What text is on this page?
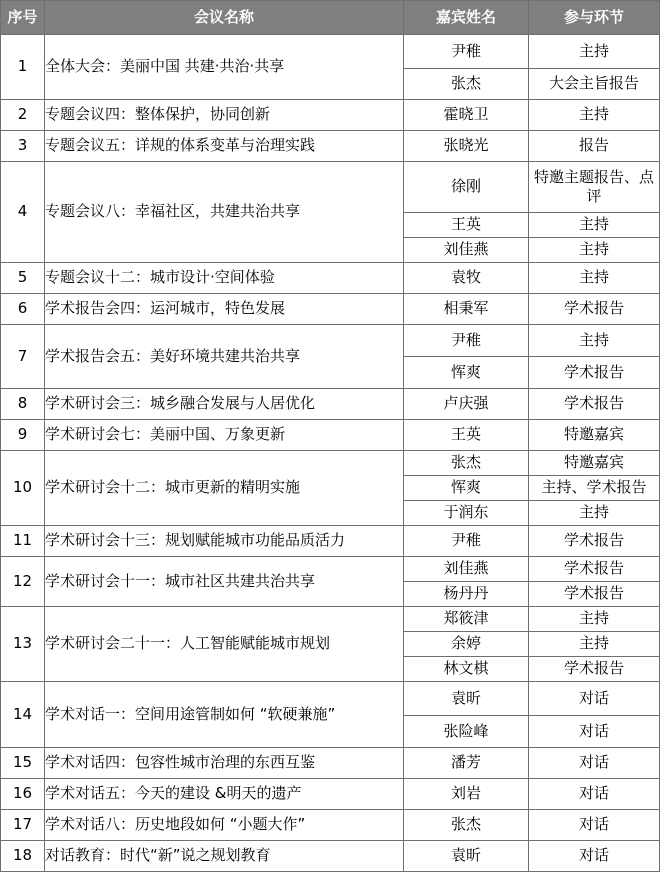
序号	会议名称	嘉宾姓名	参与环节
1	全体大会：美丽中国 共建·共治·共享	尹稚	主持
		张杰	大会主旨报告
2	专题会议四：整体保护，协同创新	霍晓卫	主持
3	专题会议五：详规的体系变革与治理实践	张晓光	报告
4	专题会议八：幸福社区，共建共治共享	徐刚	特邀主题报告、点评
		王英	主持
		刘佳燕	主持
5	专题会议十二：城市设计·空间体验	袁牧	主持
6	学术报告会四：运河城市，特色发展	相秉军	学术报告
7	学术报告会五：美好环境共建共治共享	尹稚	主持
		恽爽	学术报告
8	学术研讨会三：城乡融合发展与人居优化	卢庆强	学术报告
9	学术研讨会七：美丽中国、万象更新	王英	特邀嘉宾
10	学术研讨会十二：城市更新的精明实施	张杰	特邀嘉宾
		恽爽	主持、学术报告
		于润东	主持
11	学术研讨会十三：规划赋能城市功能品质活力	尹稚	学术报告
12	学术研讨会十一：城市社区共建共治共享	刘佳燕	学术报告
		杨丹丹	学术报告
13	学术研讨会二十一：人工智能赋能城市规划	郑筱津	主持
		余婷	主持
		林文棋	学术报告
14	学术对话一：空间用途管制如何 “软硬兼施”	袁昕	对话
		张险峰	对话
15	学术对话四：包容性城市治理的东西互鉴	潘芳	对话
16	学术对话五：今天的建设 &明天的遗产	刘岩	对话
17	学术对话八：历史地段如何 “小题大作”	张杰	对话
18	对话教育：时代“新”说之规划教育	袁昕	对话
